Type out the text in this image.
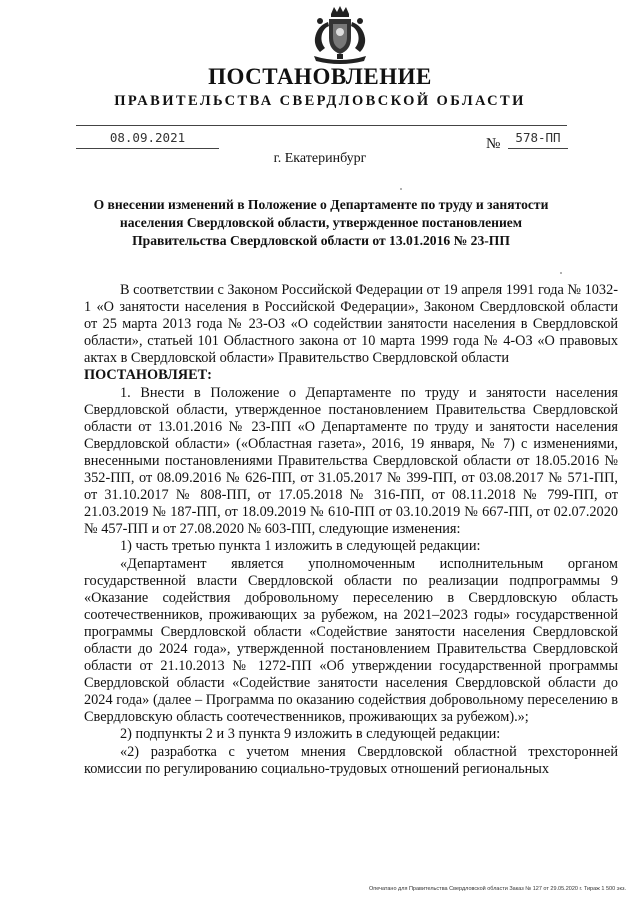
ПОСТАНОВЛЕНИЕ
ПРАВИТЕЛЬСТВА СВЕРДЛОВСКОЙ ОБЛАСТИ
08.09.2021	№	578-ПП
г. Екатеринбург
О внесении изменений в Положение о Департаменте по труду и занятости населения Свердловской области, утвержденное постановлением Правительства Свердловской области от 13.01.2016 № 23-ПП

В соответствии с Законом Российской Федерации от 19 апреля 1991 года № 1032-1 «О занятости населения в Российской Федерации», Законом Свердловской области от 25 марта 2013 года № 23-ОЗ «О содействии занятости населения в Свердловской области», статьей 101 Областного закона от 10 марта 1999 года № 4-ОЗ «О правовых актах в Свердловской области» Правительство Свердловской области

ПОСТАНОВЛЯЕТ:

1. Внести в Положение о Департаменте по труду и занятости населения Свердловской области, утвержденное постановлением Правительства Свердловской области от 13.01.2016 № 23-ПП «О Департаменте по труду и занятости населения Свердловской области» («Областная газета», 2016, 19 января, № 7) с изменениями, внесенными постановлениями Правительства Свердловской области от 18.05.2016 № 352-ПП, от 08.09.2016 № 626-ПП, от 31.05.2017 № 399-ПП, от 03.08.2017 № 571-ПП, от 31.10.2017 № 808-ПП, от 17.05.2018 № 316-ПП, от 08.11.2018 № 799-ПП, от 21.03.2019 № 187-ПП, от 18.09.2019 № 610-ПП от 03.10.2019 № 667-ПП, от 02.07.2020 № 457-ПП и от 27.08.2020 № 603-ПП, следующие изменения:

1) часть третью пункта 1 изложить в следующей редакции:

«Департамент является уполномоченным исполнительным органом государственной власти Свердловской области по реализации подпрограммы 9 «Оказание содействия добровольному переселению в Свердловскую область соотечественников, проживающих за рубежом, на 2021–2023 годы» государственной программы Свердловской области «Содействие занятости населения Свердловской области до 2024 года», утвержденной постановлением Правительства Свердловской области от 21.10.2013 № 1272-ПП «Об утверждении государственной программы Свердловской области «Содействие занятости населения Свердловской области до 2024 года» (далее – Программа по оказанию содействия добровольному переселению в Свердловскую область соотечественников, проживающих за рубежом).»;

2) подпункты 2 и 3 пункта 9 изложить в следующей редакции:

«2) разработка с учетом мнения Свердловской областной трехсторонней комиссии по регулированию социально-трудовых отношений региональных

Опечатано для Правительства Свердловской области Заказ № 127 от 29.05.2020 г. Тираж 1 500 экз.
